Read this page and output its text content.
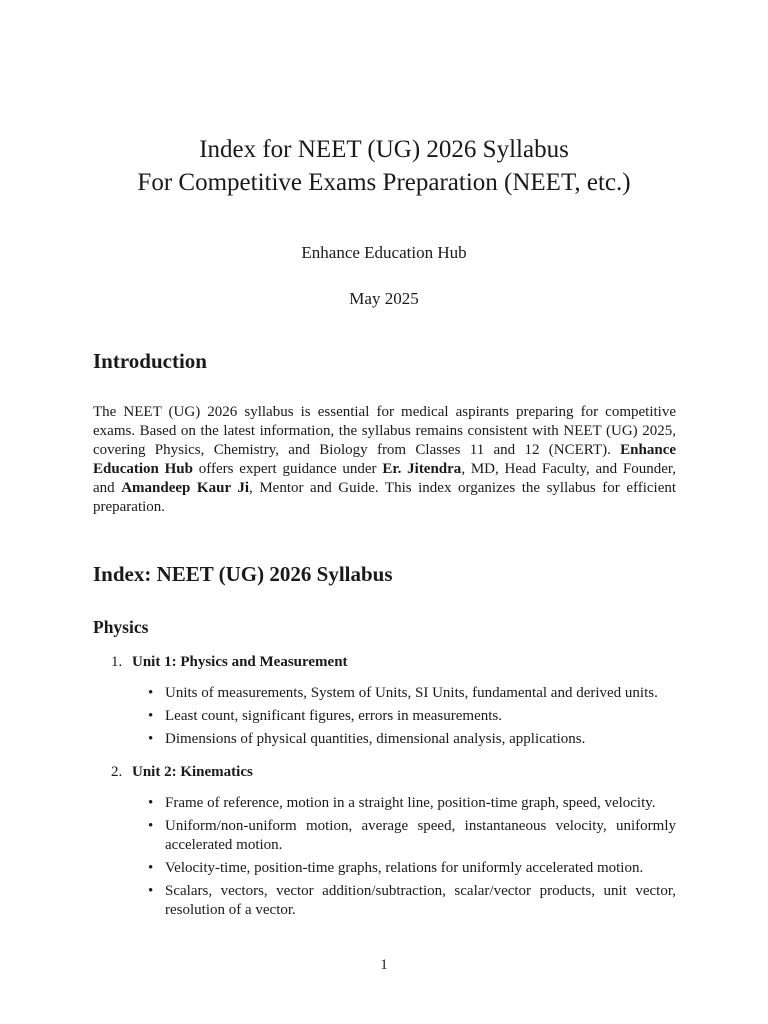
Index for NEET (UG) 2026 Syllabus
For Competitive Exams Preparation (NEET, etc.)
Enhance Education Hub
May 2025
Introduction

The NEET (UG) 2026 syllabus is essential for medical aspirants preparing for competitive exams. Based on the latest information, the syllabus remains consistent with NEET (UG) 2025, covering Physics, Chemistry, and Biology from Classes 11 and 12 (NCERT). Enhance Education Hub offers expert guidance under Er. Jitendra, MD, Head Faculty, and Founder, and Amandeep Kaur Ji, Mentor and Guide. This index organizes the syllabus for efficient preparation.

Index: NEET (UG) 2026 Syllabus
Physics
1. Unit 1: Physics and Measurement
• Units of measurements, System of Units, SI Units, fundamental and derived units.
• Least count, significant figures, errors in measurements.
• Dimensions of physical quantities, dimensional analysis, applications.
2. Unit 2: Kinematics
• Frame of reference, motion in a straight line, position-time graph, speed, velocity.
• Uniform/non-uniform motion, average speed, instantaneous velocity, uniformly accelerated motion.
• Velocity-time, position-time graphs, relations for uniformly accelerated motion.
• Scalars, vectors, vector addition/subtraction, scalar/vector products, unit vector, resolution of a vector.
1
